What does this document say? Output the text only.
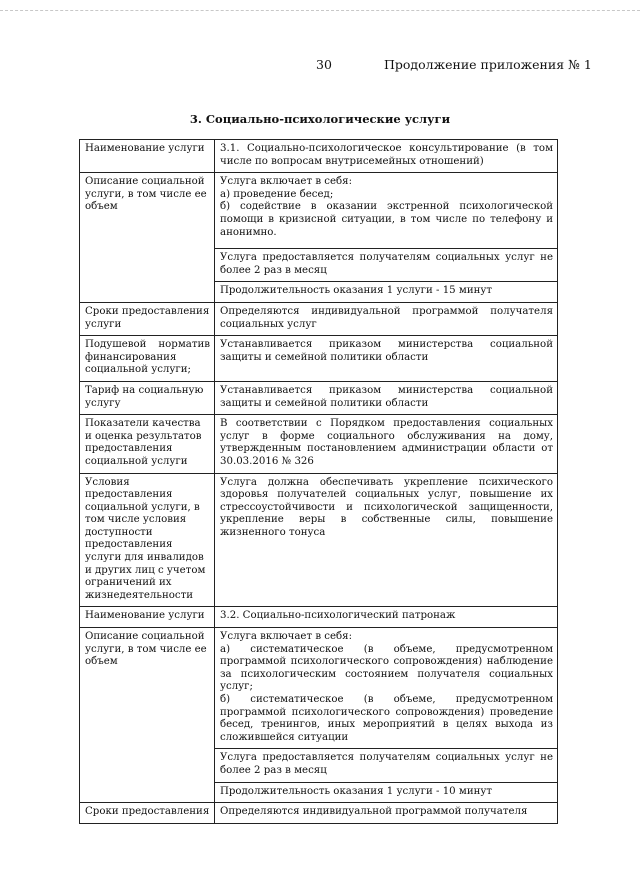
30	Продолжение приложения № 1
3. Социально-психологические услуги
Наименование услуги	3.1. Социально-психологическое консультирование (в том числе по вопросам внутрисемейных отношений)
Описание социальной услуги, в том числе ее объем	Услуга включает в себя:
а) проведение бесед;
б) содействие в оказании экстренной психологической помощи в кризисной ситуации, в том числе по телефону и анонимно.

	Услуга предоставляется получателям социальных услуг не более 2 раз в месяц
	Продолжительность оказания 1 услуги - 15 минут
Сроки предоставления услуги	Определяются индивидуальной программой получателя социальных услуг
Подушевой норматив финансирования социальной услуги;	Устанавливается приказом министерства социальной защиты и семейной политики области
Тариф на социальную услугу	Устанавливается приказом министерства социальной защиты и семейной политики области
Показатели качества и оценка результатов предоставления социальной услуги	В соответствии с Порядком предоставления социальных услуг в форме социального обслуживания на дому, утвержденным постановлением администрации области от 30.03.2016 № 326
Условия предоставления социальной услуги, в том числе условия доступности предоставления услуги для инвалидов и других лиц с учетом ограничений их жизнедеятельности	Услуга должна обеспечивать укрепление психического здоровья получателей социальных услуг, повышение их стрессоустойчивости и психологической защищенности, укрепление веры в собственные силы, повышение жизненного тонуса
Наименование услуги	3.2. Социально-психологический патронаж
Описание социальной услуги, в том числе ее объем	Услуга включает в себя:
а) систематическое (в объеме, предусмотренном программой психологического сопровождения) наблюдение за психологическим состоянием получателя социальных услуг;
б) систематическое (в объеме, предусмотренном программой психологического сопровождения) проведение бесед, тренингов, иных мероприятий в целях выхода из сложившейся ситуации

	Услуга предоставляется получателям социальных услуг не более 2 раз в месяц
	Продолжительность оказания 1 услуги - 10 минут
Сроки предоставления	Определяются индивидуальной программой получателя
